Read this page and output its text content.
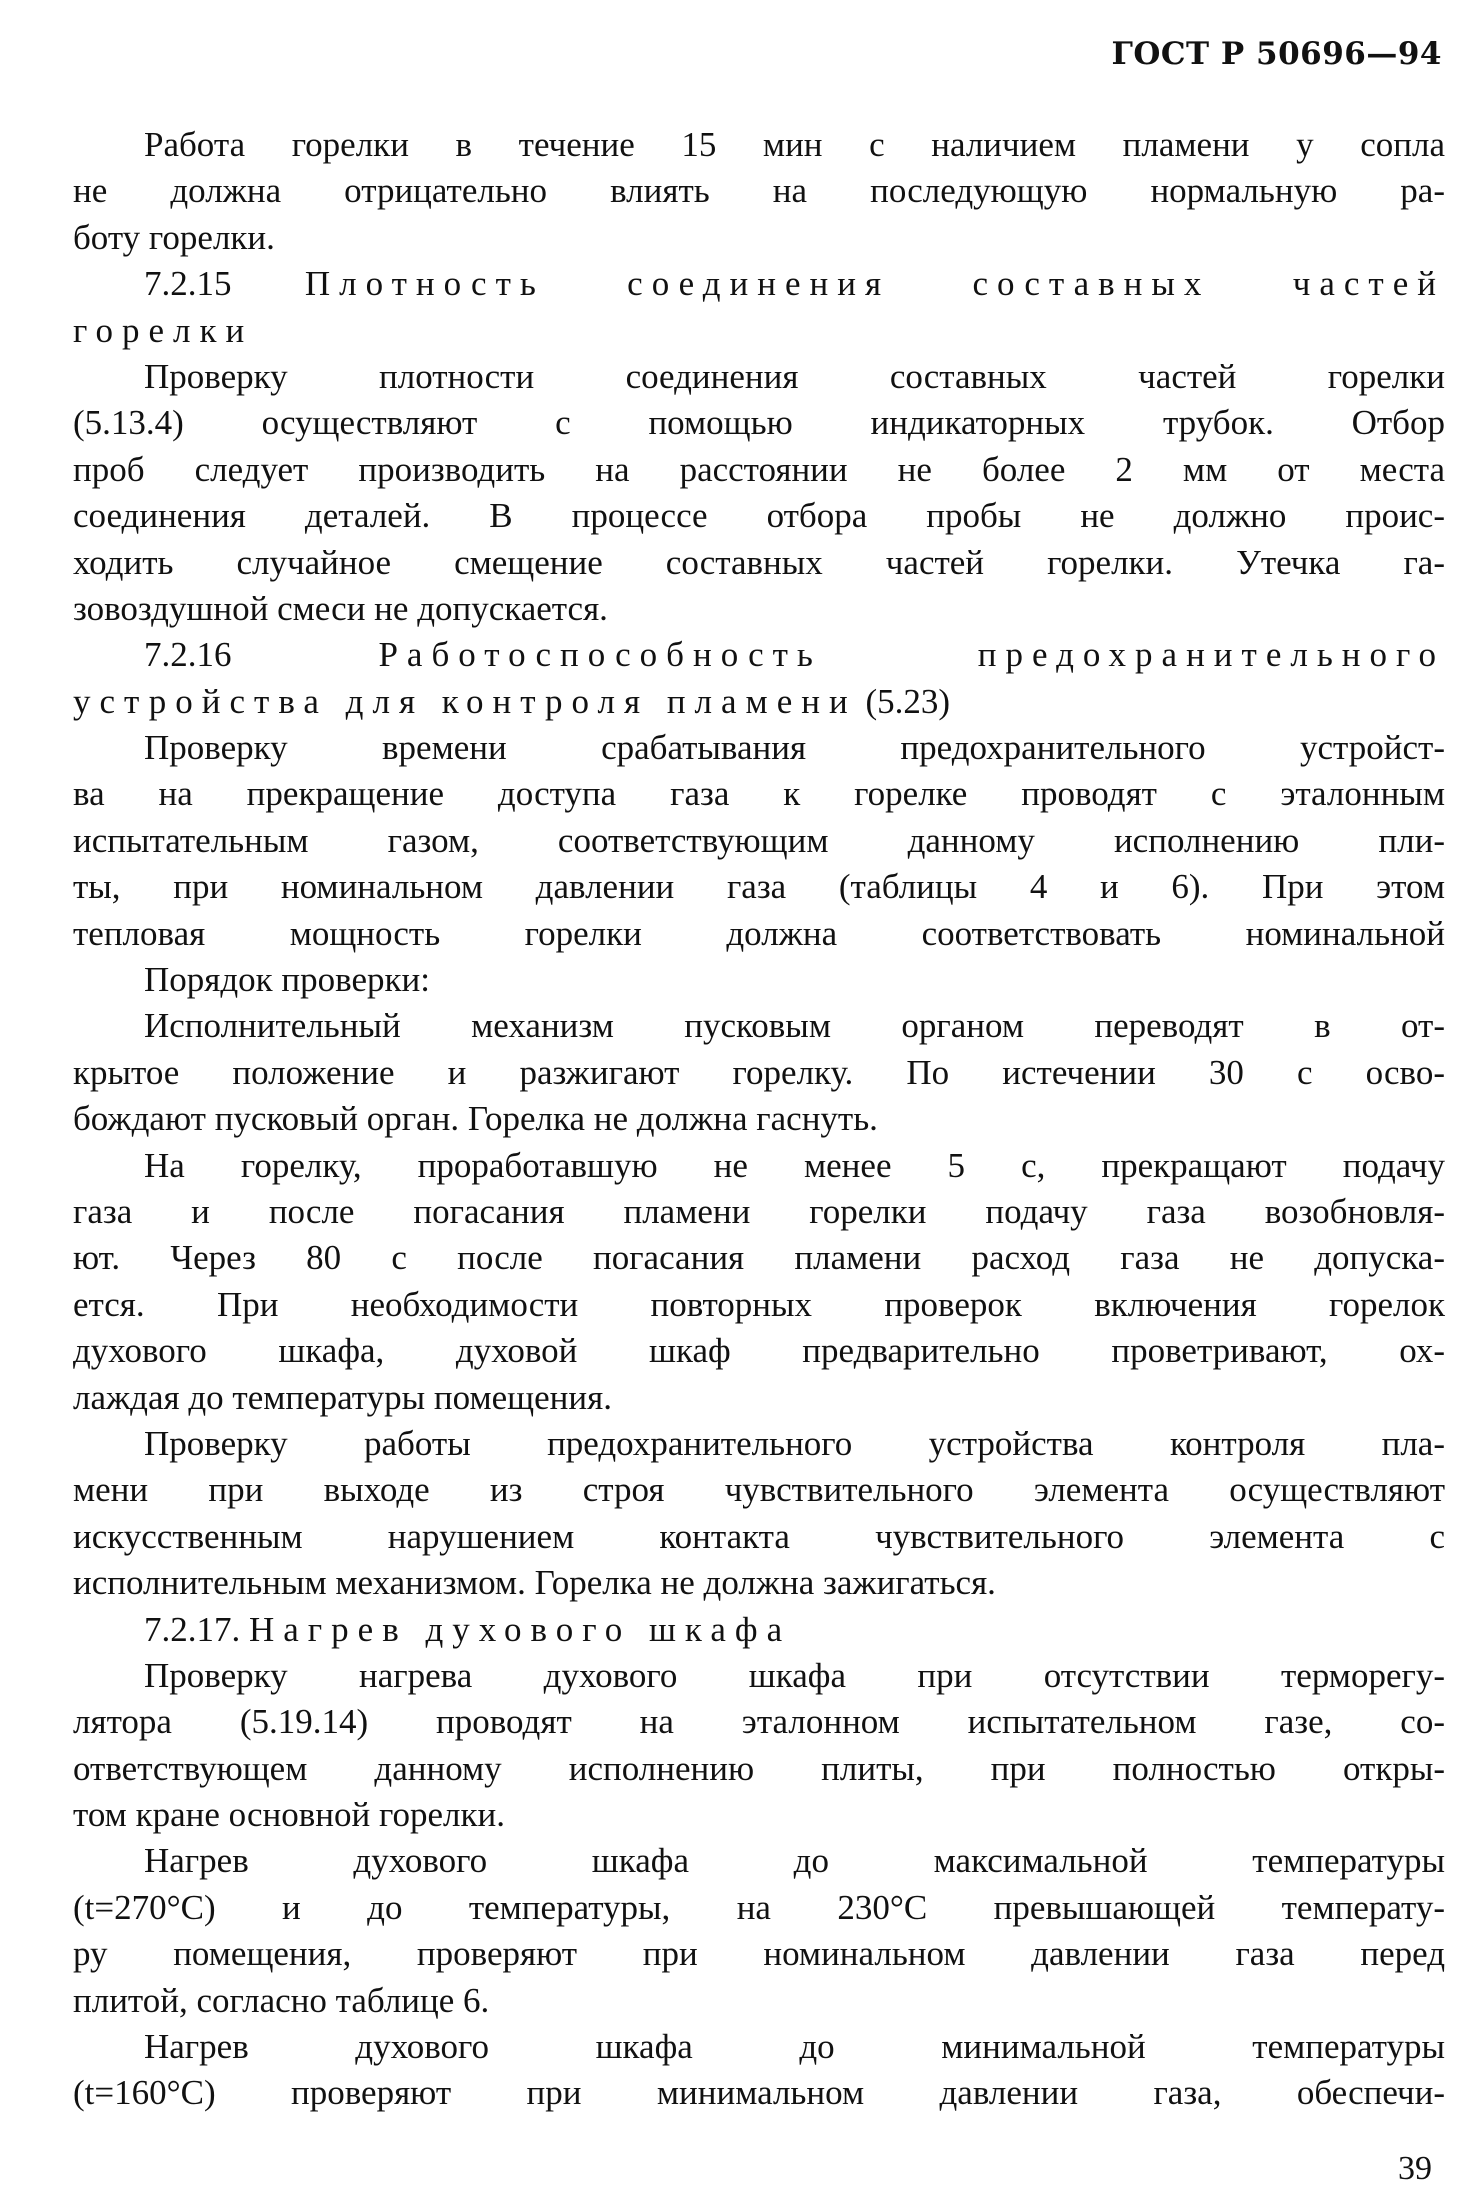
ГОСТ Р 50696—94
Работа горелки в течение 15 мин с наличием пламени у сопла
не должна отрицательно влиять на последующую нормальную ра-
боту горелки.
7.2.15 Плотность соединения составных частей
горелки
Проверку плотности соединения составных частей горелки
(5.13.4) осуществляют с помощью индикаторных трубок. Отбор
проб следует производить на расстоянии не более 2 мм от места
соединения деталей. В процессе отбора пробы не должно проис-
ходить случайное смещение составных частей горелки. Утечка га-
зовоздушной смеси не допускается.
7.2.16 Работоспособность предохранительного
устройства для контроля пламени (5.23)
Проверку времени срабатывания предохранительного устройст-
ва на прекращение доступа газа к горелке проводят с эталонным
испытательным газом, соответствующим данному исполнению пли-
ты, при номинальном давлении газа (таблицы 4 и 6). При этом
тепловая мощность горелки должна соответствовать номинальной
Порядок проверки:
Исполнительный механизм пусковым органом переводят в от-
крытое положение и разжигают горелку. По истечении 30 с осво-
бождают пусковый орган. Горелка не должна гаснуть.
На горелку, проработавшую не менее 5 с, прекращают подачу
газа и после погасания пламени горелки подачу газа возобновля-
ют. Через 80 с после погасания пламени расход газа не допуска-
ется. При необходимости повторных проверок включения горелок
духового шкафа, духовой шкаф предварительно проветривают, ох-
лаждая до температуры помещения.
Проверку работы предохранительного устройства контроля пла-
мени при выходе из строя чувствительного элемента осуществляют
искусственным нарушением контакта чувствительного элемента с
исполнительным механизмом. Горелка не должна зажигаться.
7.2.17. Нагрев духового шкафа
Проверку нагрева духового шкафа при отсутствии терморегу-
лятора (5.19.14) проводят на эталонном испытательном газе, со-
ответствующем данному исполнению плиты, при полностью откры-
том кране основной горелки.
Нагрев духового шкафа до максимальной температуры
(t=270°С) и до температуры, на 230°С превышающей температу-
ру помещения, проверяют при номинальном давлении газа перед
плитой, согласно таблице 6.
Нагрев духового шкафа до минимальной температуры
(t=160°С) проверяют при минимальном давлении газа, обеспечи-
39
